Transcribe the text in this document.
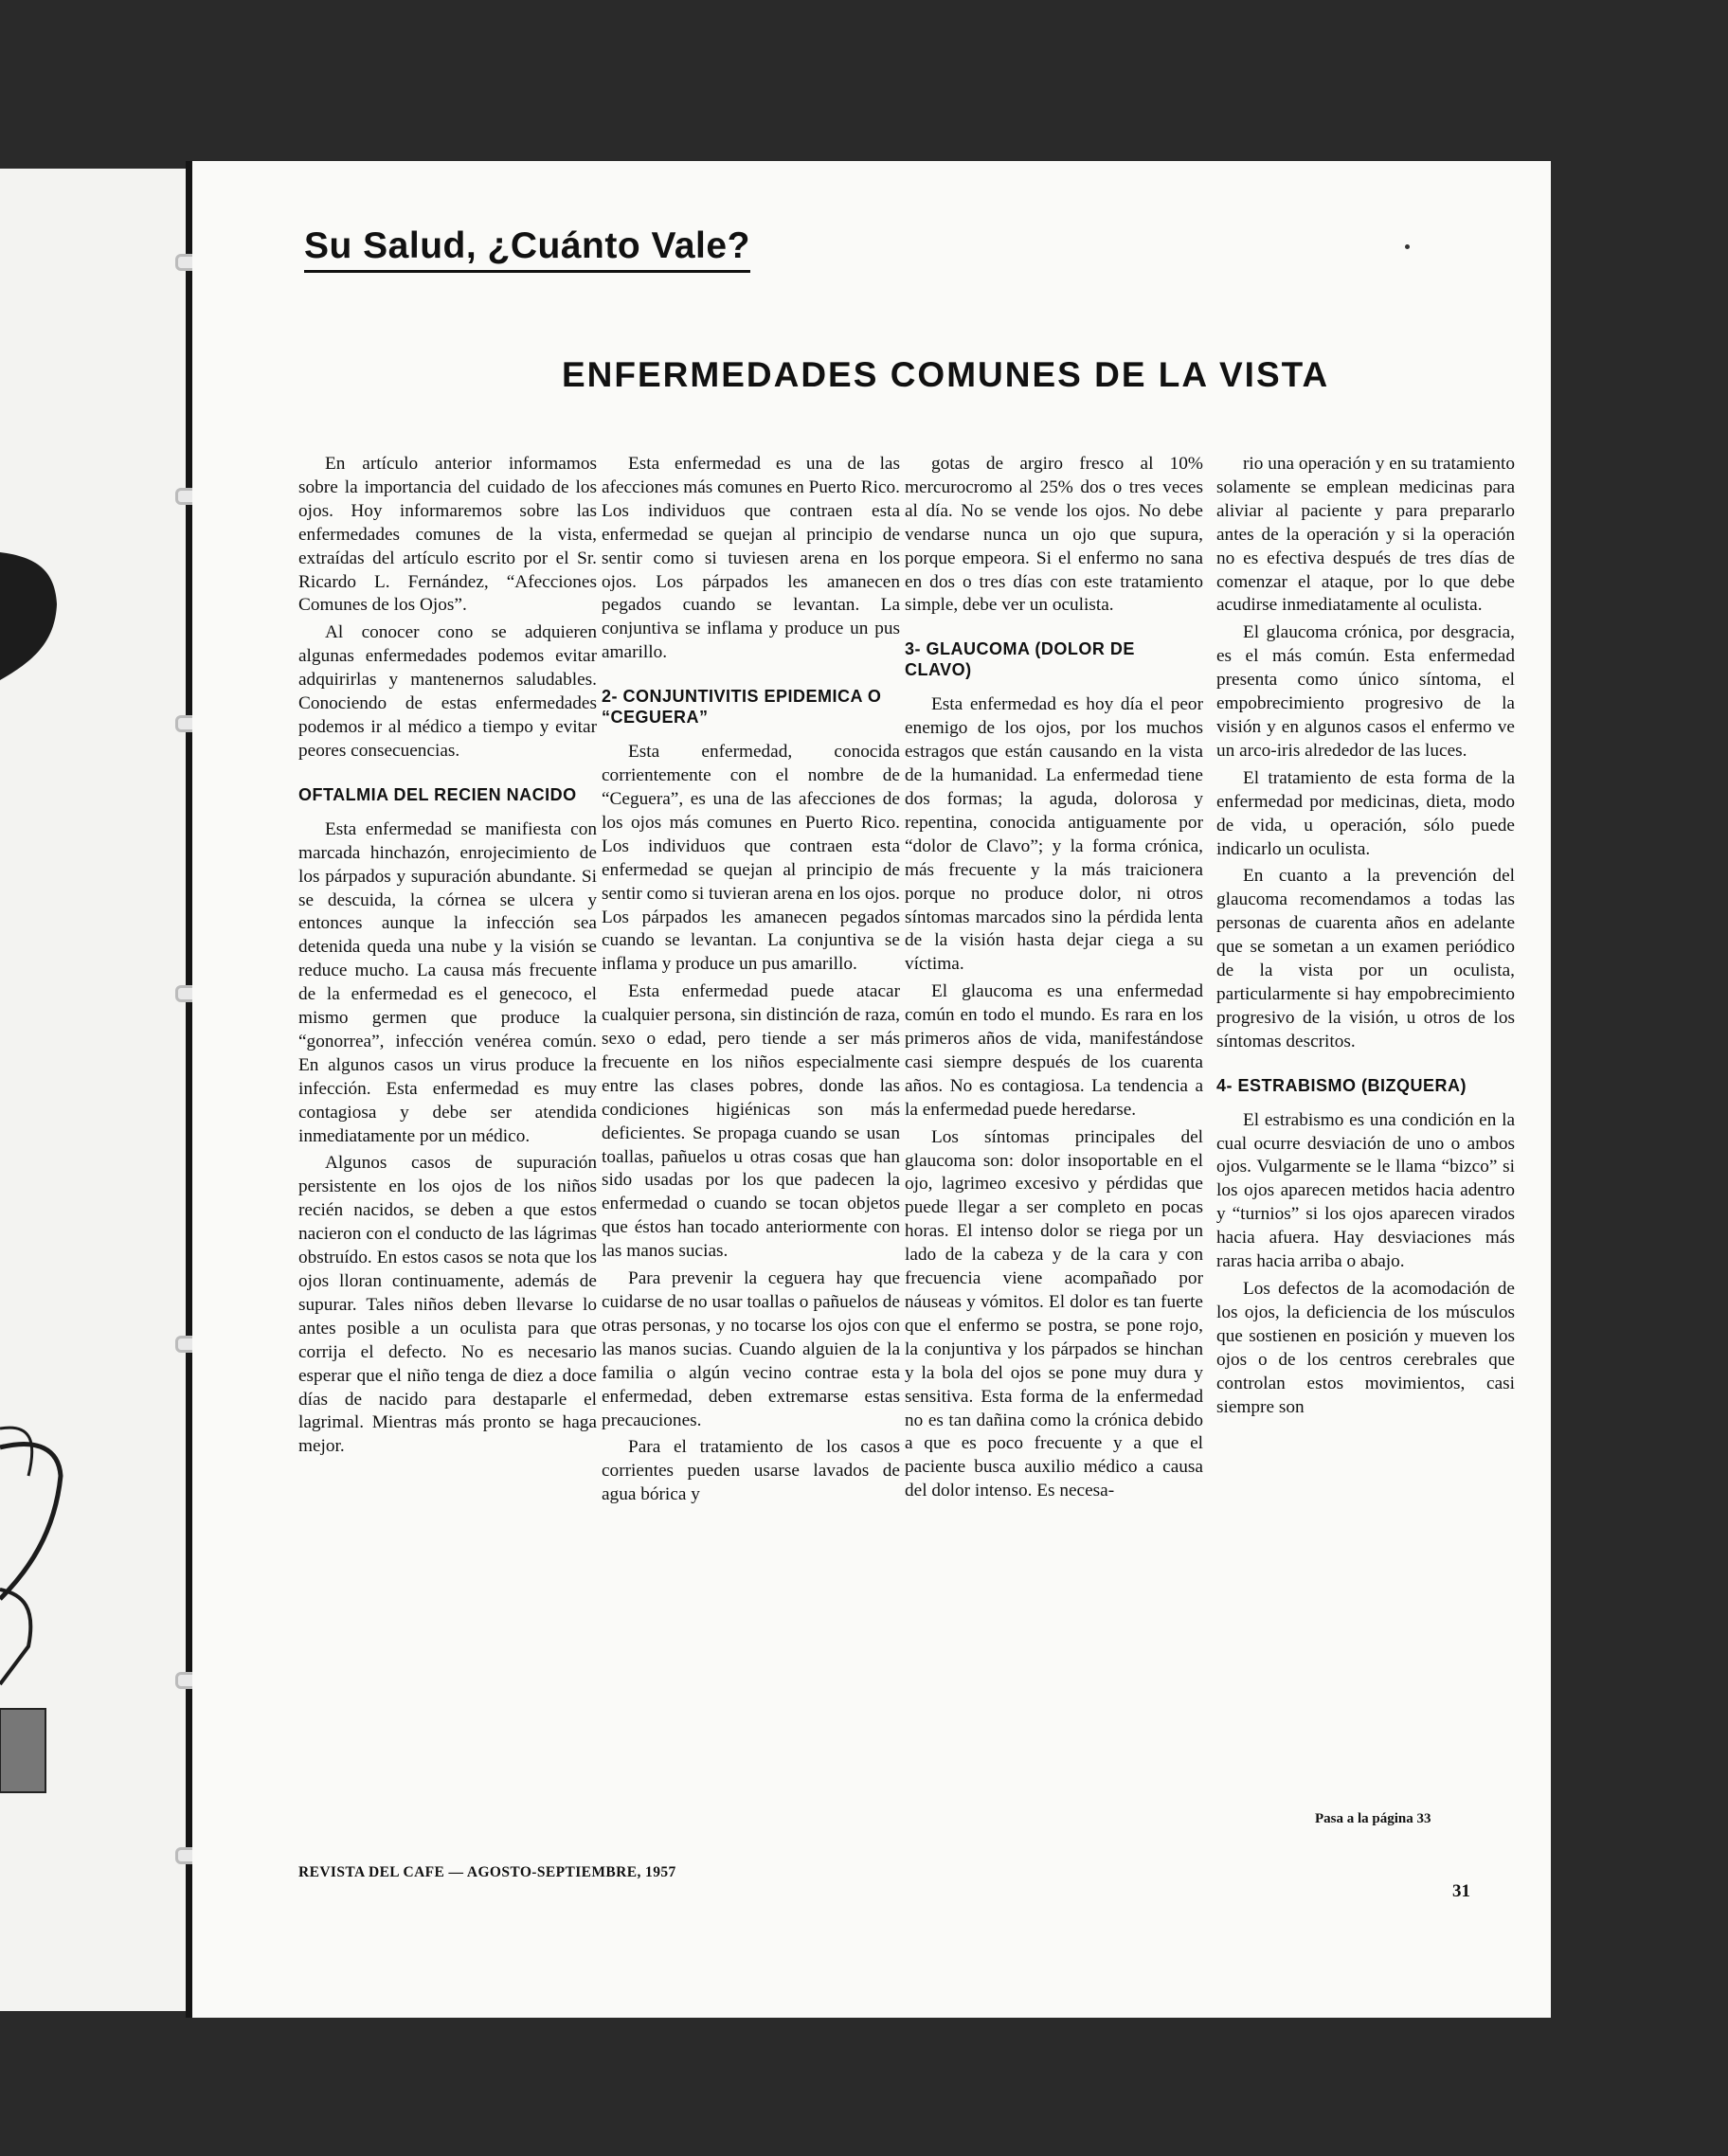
Su Salud, ¿Cuánto Vale?
ENFERMEDADES COMUNES DE LA VISTA

En artículo anterior informamos sobre la importancia del cuidado de los ojos. Hoy informaremos sobre las enfermedades comunes de la vista, extraídas del artículo escrito por el Sr. Ricardo L. Fernández, “Afecciones Comunes de los Ojos”.

Al conocer cono se adquieren algunas enfermedades podemos evitar adquirirlas y mantenernos saludables. Conociendo de estas enfermedades podemos ir al médico a tiempo y evitar peores consecuencias.

OFTALMIA DEL RECIEN NACIDO

Esta enfermedad se manifiesta con marcada hinchazón, enrojecimiento de los párpados y supuración abundante. Si se descuida, la córnea se ulcera y entonces aunque la infección sea detenida queda una nube y la visión se reduce mucho. La causa más frecuente de la enfermedad es el genecoco, el mismo germen que produce la “gonorrea”, infección venérea común. En algunos casos un virus produce la infección. Esta enfermedad es muy contagiosa y debe ser atendida inmediatamente por un médico.

Algunos casos de supuración persistente en los ojos de los niños recién nacidos, se deben a que estos nacieron con el conducto de las lágrimas obstruído. En estos casos se nota que los ojos lloran continuamente, además de supurar. Tales niños deben llevarse lo antes posible a un oculista para que corrija el defecto. No es necesario esperar que el niño tenga de diez a doce días de nacido para destaparle el lagrimal. Mientras más pronto se haga mejor.

Esta enfermedad es una de las afecciones más comunes en Puerto Rico. Los individuos que contraen esta enfermedad se quejan al principio de sentir como si tuviesen arena en los ojos. Los párpados les amanecen pegados cuando se levantan. La conjuntiva se inflama y produce un pus amarillo.

2- CONJUNTIVITIS EPIDEMICA O “CEGUERA”

Esta enfermedad, conocida corrientemente con el nombre de “Ceguera”, es una de las afecciones de los ojos más comunes en Puerto Rico. Los individuos que contraen esta enfermedad se quejan al principio de sentir como si tuvieran arena en los ojos. Los párpados les amanecen pegados cuando se levantan. La conjuntiva se inflama y produce un pus amarillo.

Esta enfermedad puede atacar cualquier persona, sin distinción de raza, sexo o edad, pero tiende a ser más frecuente en los niños especialmente entre las clases pobres, donde las condiciones higiénicas son más deficientes. Se propaga cuando se usan toallas, pañuelos u otras cosas que han sido usadas por los que padecen la enfermedad o cuando se tocan objetos que éstos han tocado anteriormente con las manos sucias.

Para prevenir la ceguera hay que cuidarse de no usar toallas o pañuelos de otras personas, y no tocarse los ojos con las manos sucias. Cuando alguien de la familia o algún vecino contrae esta enfermedad, deben extremarse estas precauciones.

Para el tratamiento de los casos corrientes pueden usarse lavados de agua bórica y

gotas de argiro fresco al 10% mercurocromo al 25% dos o tres veces al día. No se vende los ojos. No debe vendarse nunca un ojo que supura, porque empeora. Si el enfermo no sana en dos o tres días con este tratamiento simple, debe ver un oculista.

3- GLAUCOMA (DOLOR DE CLAVO)

Esta enfermedad es hoy día el peor enemigo de los ojos, por los muchos estragos que están causando en la vista de la humanidad. La enfermedad tiene dos formas; la aguda, dolorosa y repentina, conocida antiguamente por “dolor de Clavo”; y la forma crónica, más frecuente y la más traicionera porque no produce dolor, ni otros síntomas marcados sino la pérdida lenta de la visión hasta dejar ciega a su víctima.

El glaucoma es una enfermedad común en todo el mundo. Es rara en los primeros años de vida, manifestándose casi siempre después de los cuarenta años. No es contagiosa. La tendencia a la enfermedad puede heredarse.

Los síntomas principales del glaucoma son: dolor insoportable en el ojo, lagrimeo excesivo y pérdidas que puede llegar a ser completo en pocas horas. El intenso dolor se riega por un lado de la cabeza y de la cara y con frecuencia viene acompañado por náuseas y vómitos. El dolor es tan fuerte que el enfermo se postra, se pone rojo, la conjuntiva y los párpados se hinchan y la bola del ojos se pone muy dura y sensitiva. Esta forma de la enfermedad no es tan dañina como la crónica debido a que es poco frecuente y a que el paciente busca auxilio médico a causa del dolor intenso. Es necesa-

rio una operación y en su tratamiento solamente se emplean medicinas para aliviar al paciente y para prepararlo antes de la operación y si la operación no es efectiva después de tres días de comenzar el ataque, por lo que debe acudirse inmediatamente al oculista.

El glaucoma crónica, por desgracia, es el más común. Esta enfermedad presenta como único síntoma, el empobrecimiento progresivo de la visión y en algunos casos el enfermo ve un arco-iris alrededor de las luces.

El tratamiento de esta forma de la enfermedad por medicinas, dieta, modo de vida, u operación, sólo puede indicarlo un oculista.

En cuanto a la prevención del glaucoma recomendamos a todas las personas de cuarenta años en adelante que se sometan a un examen periódico de la vista por un oculista, particularmente si hay empobrecimiento progresivo de la visión, u otros de los síntomas descritos.

4- ESTRABISMO (BIZQUERA)

El estrabismo es una condición en la cual ocurre desviación de uno o ambos ojos. Vulgarmente se le llama “bizco” si los ojos aparecen metidos hacia adentro y “turnios” si los ojos aparecen virados hacia afuera. Hay desviaciones más raras hacia arriba o abajo.

Los defectos de la acomodación de los ojos, la deficiencia de los músculos que sostienen en posición y mueven los ojos o de los centros cerebrales que controlan estos movimientos, casi siempre son

Pasa a la página 33
REVISTA DEL CAFE — AGOSTO-SEPTIEMBRE, 1957
31
